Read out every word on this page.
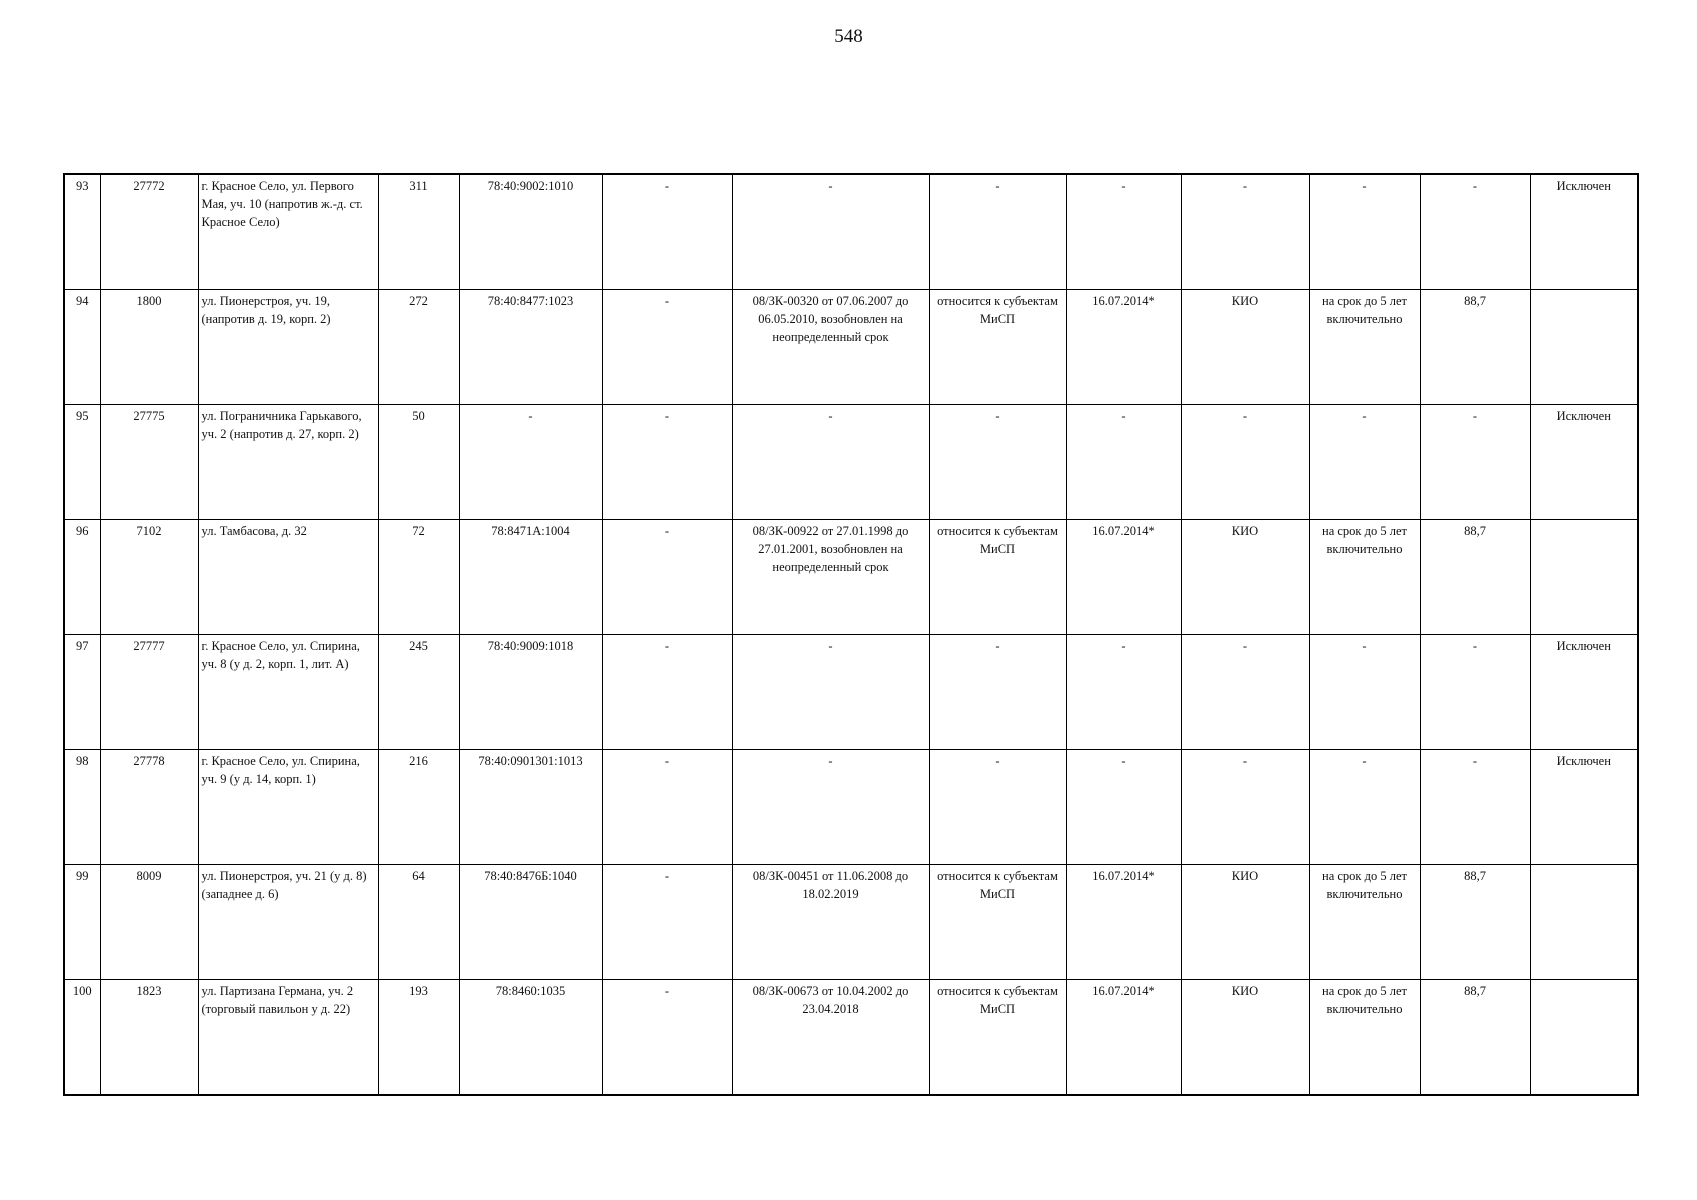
548
93	27772	г. Красное Село, ул. Первого Мая, уч. 10 (напротив ж.-д. ст. Красное Село)	311	78:40:9002:1010	-	-	-	-	-	-	-	Исключен
94	1800	ул. Пионерстроя, уч. 19, (напротив д. 19, корп. 2)	272	78:40:8477:1023	-	08/ЗК-00320 от 07.06.2007 до 06.05.2010, возобновлен на неопределенный срок	относится к субъектам МиСП	16.07.2014*	КИО	на срок до 5 лет включительно	88,7	
95	27775	ул. Пограничника Гарькавого, уч. 2 (напротив д. 27, корп. 2)	50	-	-	-	-	-	-	-	-	Исключен
96	7102	ул. Тамбасова, д. 32	72	78:8471А:1004	-	08/ЗК-00922 от 27.01.1998 до 27.01.2001, возобновлен на неопределенный срок	относится к субъектам МиСП	16.07.2014*	КИО	на срок до 5 лет включительно	88,7	
97	27777	г. Красное Село, ул. Спирина, уч. 8 (у д. 2, корп. 1, лит. А)	245	78:40:9009:1018	-	-	-	-	-	-	-	Исключен
98	27778	г. Красное Село, ул. Спирина, уч. 9 (у д. 14, корп. 1)	216	78:40:0901301:1013	-	-	-	-	-	-	-	Исключен
99	8009	ул. Пионерстроя, уч. 21 (у д. 8) (западнее д. 6)	64	78:40:8476Б:1040	-	08/ЗК-00451 от 11.06.2008 до 18.02.2019	относится к субъектам МиСП	16.07.2014*	КИО	на срок до 5 лет включительно	88,7	
100	1823	ул. Партизана Германа, уч. 2 (торговый павильон у д. 22)	193	78:8460:1035	-	08/ЗК-00673 от 10.04.2002 до 23.04.2018	относится к субъектам МиСП	16.07.2014*	КИО	на срок до 5 лет включительно	88,7	
